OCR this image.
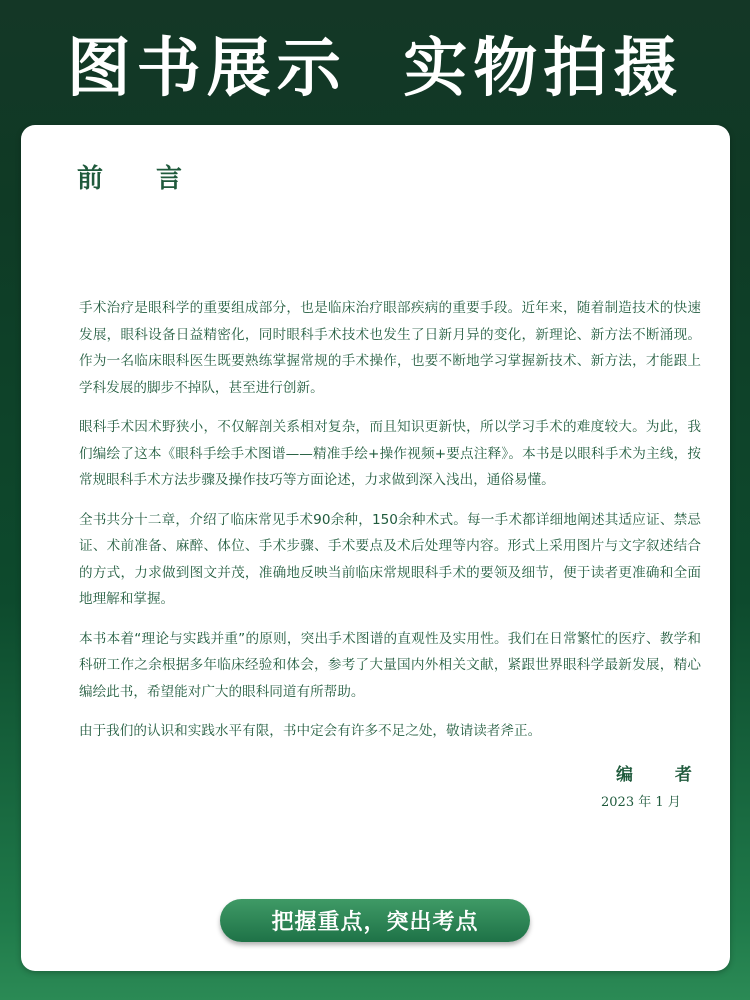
图书展示  实物拍摄
前 言

手术治疗是眼科学的重要组成部分，也是临床治疗眼部疾病的重要手段。近年来，随着制造技术的快速发展，眼科设备日益精密化，同时眼科手术技术也发生了日新月异的变化，新理论、新方法不断涌现。作为一名临床眼科医生既要熟练掌握常规的手术操作，也要不断地学习掌握新技术、新方法，才能跟上学科发展的脚步不掉队，甚至进行创新。

眼科手术因术野狭小，不仅解剖关系相对复杂，而且知识更新快，所以学习手术的难度较大。为此，我们编绘了这本《眼科手绘手术图谱——精准手绘+操作视频+要点注释》。本书是以眼科手术为主线，按常规眼科手术方法步骤及操作技巧等方面论述，力求做到深入浅出，通俗易懂。

全书共分十二章，介绍了临床常见手术90余种，150余种术式。每一手术都详细地阐述其适应证、禁忌证、术前准备、麻醉、体位、手术步骤、手术要点及术后处理等内容。形式上采用图片与文字叙述结合的方式，力求做到图文并茂，准确地反映当前临床常规眼科手术的要领及细节，便于读者更准确和全面地理解和掌握。

本书本着“理论与实践并重”的原则，突出手术图谱的直观性及实用性。我们在日常繁忙的医疗、教学和科研工作之余根据多年临床经验和体会，参考了大量国内外相关文献，紧跟世界眼科学最新发展，精心编绘此书，希望能对广大的眼科同道有所帮助。

由于我们的认识和实践水平有限，书中定会有许多不足之处，敬请读者斧正。

编 者
2023 年 1 月
把握重点，突出考点
